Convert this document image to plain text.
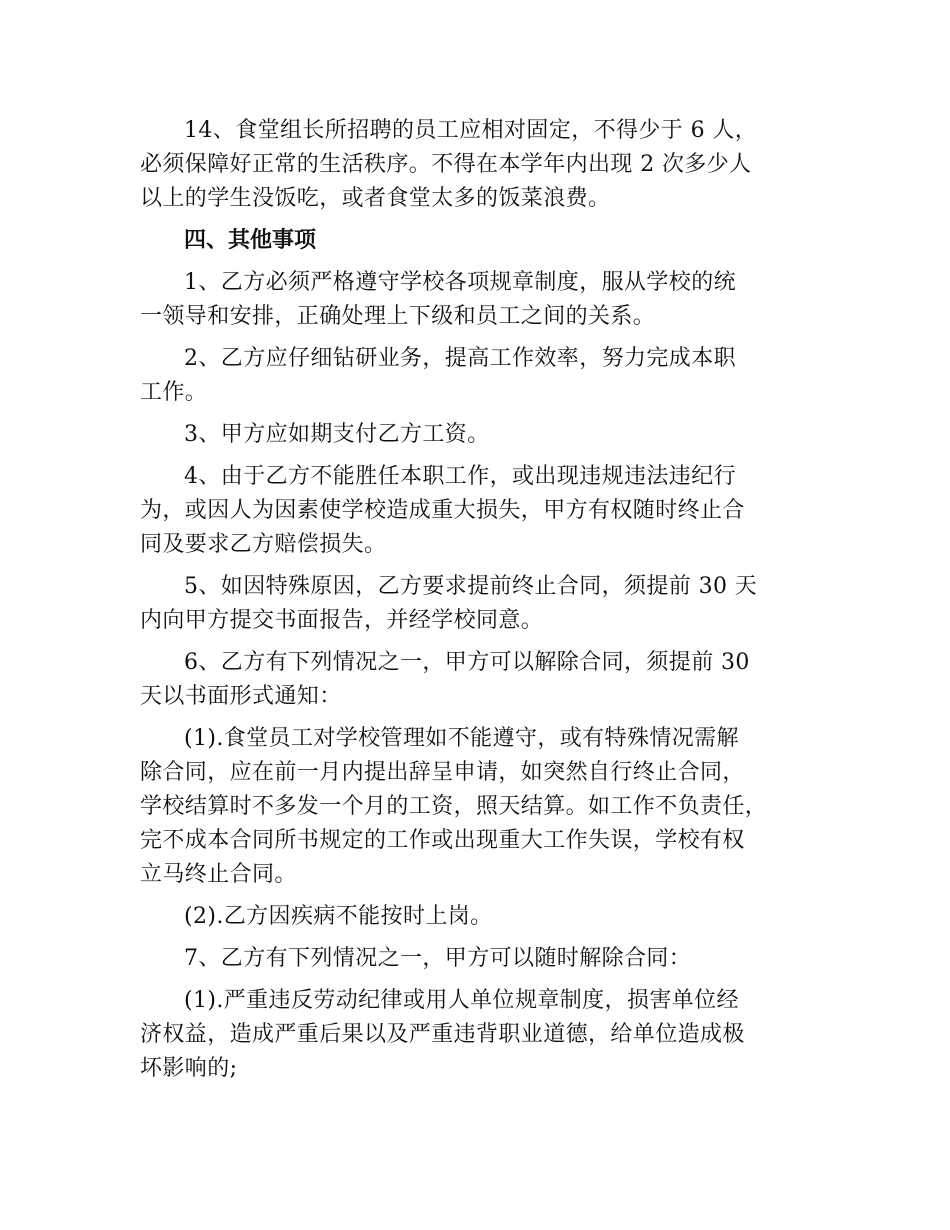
14、食堂组长所招聘的员工应相对固定，不得少于 6 人，
必须保障好正常的生活秩序。不得在本学年内出现 2 次多少人
以上的学生没饭吃，或者食堂太多的饭菜浪费。
四、其他事项
1、乙方必须严格遵守学校各项规章制度，服从学校的统
一领导和安排，正确处理上下级和员工之间的关系。
2、乙方应仔细钻研业务，提高工作效率，努力完成本职
工作。
3、甲方应如期支付乙方工资。
4、由于乙方不能胜任本职工作，或出现违规违法违纪行
为，或因人为因素使学校造成重大损失，甲方有权随时终止合
同及要求乙方赔偿损失。
5、如因特殊原因，乙方要求提前终止合同，须提前 30 天
内向甲方提交书面报告，并经学校同意。
6、乙方有下列情况之一，甲方可以解除合同，须提前 30
天以书面形式通知：
(1).食堂员工对学校管理如不能遵守，或有特殊情况需解
除合同，应在前一月内提出辞呈申请，如突然自行终止合同，
学校结算时不多发一个月的工资，照天结算。如工作不负责任，
完不成本合同所书规定的工作或出现重大工作失误，学校有权
立马终止合同。
(2).乙方因疾病不能按时上岗。
7、乙方有下列情况之一，甲方可以随时解除合同：
(1).严重违反劳动纪律或用人单位规章制度，损害单位经
济权益，造成严重后果以及严重违背职业道德，给单位造成极
坏影响的;
